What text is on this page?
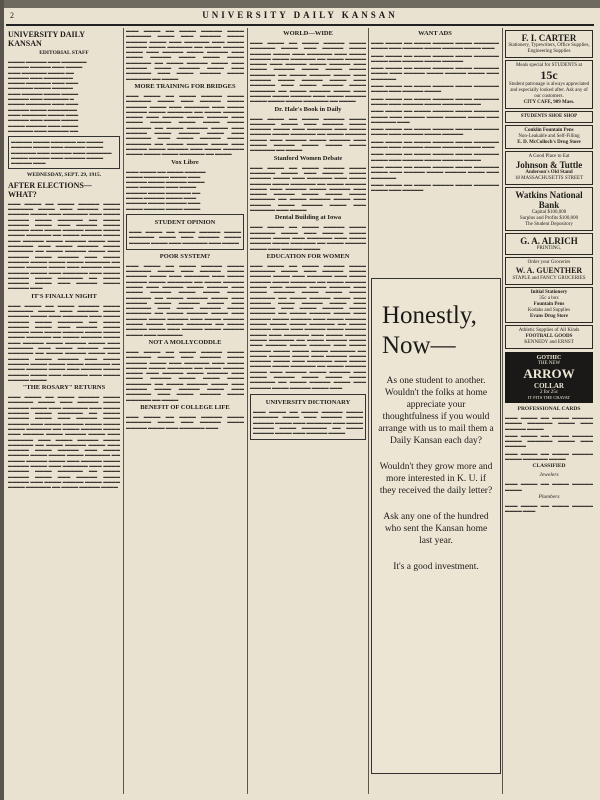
2	UNIVERSITY DAILY KANSAN
UNIVERSITY DAILY KANSAN
EDITORIAL STAFF
▬▬▬▬ ▬▬▬▬▬ ▬▬▬ ▬▬▬▬▬▬
▬▬▬▬▬ ▬▬▬▬▬ ▬▬▬ ▬▬▬▬
▬▬▬ ▬▬▬▬▬▬ ▬▬▬▬ ▬▬
▬▬▬▬▬ ▬▬▬ ▬▬▬▬▬▬▬
▬▬▬▬ ▬▬▬▬▬▬ ▬▬▬ ▬▬▬
▬▬▬▬▬▬ ▬▬▬▬ ▬▬▬▬▬
▬▬▬ ▬▬▬▬▬ ▬▬▬▬ ▬▬▬▬
▬▬▬▬▬ ▬▬▬ ▬▬▬▬▬▬ ▬
▬▬▬▬ ▬▬▬▬▬▬ ▬▬▬ ▬▬▬
▬▬▬▬▬ ▬▬▬▬ ▬▬▬▬▬▬▬
▬▬▬ ▬▬▬▬▬▬ ▬▬▬▬ ▬▬▬
▬▬▬▬▬ ▬▬▬ ▬▬▬▬ ▬▬▬▬
▬▬▬▬ ▬▬▬▬▬ ▬▬▬ ▬▬▬▬
▬▬▬▬▬▬ ▬▬▬ ▬▬▬▬▬ ▬▬
▬▬▬▬▬ ▬▬▬▬ ▬▬▬▬▬▬ ▬▬ ▬▬▬▬ ▬▬▬▬▬ ▬▬▬▬ ▬▬▬ ▬▬▬▬▬ ▬▬▬▬ ▬▬▬▬▬▬ ▬▬▬ ▬▬▬▬▬ ▬▬▬ ▬▬▬▬▬▬ ▬▬▬▬ ▬▬▬▬▬ ▬▬▬ ▬▬▬▬▬ ▬▬▬▬ ▬▬▬▬▬ ▬▬▬
WEDNESDAY, SEPT. 29, 1915.
AFTER ELECTIONS—WHAT?
▬▬▬ ▬▬▬▬ ▬▬ ▬▬▬▬ ▬▬▬▬▬ ▬▬▬▬ ▬▬▬▬▬▬ ▬▬▬▬ ▬▬▬ ▬▬▬▬▬ ▬▬▬▬ ▬▬▬▬▬ ▬▬▬▬ ▬▬▬ ▬▬▬▬▬▬ ▬▬▬ ▬▬▬▬ ▬▬▬▬▬ ▬▬▬▬ ▬▬▬▬▬▬ ▬▬ ▬▬▬▬ ▬▬▬▬▬ ▬▬▬▬ ▬▬▬ ▬▬▬▬▬ ▬▬▬▬ ▬▬▬▬▬ ▬▬▬ ▬▬▬▬ ▬▬▬▬▬ ▬▬▬▬ ▬▬▬▬ ▬▬▬▬ ▬▬▬▬▬▬ ▬▬ ▬▬▬▬ ▬▬▬▬▬ ▬▬▬▬ ▬▬▬ ▬▬▬▬▬ ▬▬▬▬ ▬▬▬▬▬ ▬▬▬▬ ▬▬▬ ▬▬▬▬▬▬ ▬▬▬ ▬▬▬▬ ▬▬▬▬▬ ▬▬▬▬ ▬▬▬▬▬▬ ▬▬ ▬▬▬▬ ▬▬▬▬▬ ▬▬▬▬ ▬▬▬ ▬▬▬▬▬ ▬▬▬▬ ▬▬▬▬▬ ▬▬▬ ▬▬▬▬ ▬▬▬▬▬ ▬▬▬▬ ▬▬▬▬ ▬▬▬▬ ▬▬▬▬▬▬ ▬▬ ▬▬▬▬ ▬▬▬▬▬ ▬▬▬▬ ▬▬▬ ▬▬▬▬▬ ▬▬▬▬ ▬▬▬▬▬ ▬▬▬▬ ▬▬▬ ▬▬▬▬▬▬ ▬▬▬ ▬▬▬▬ ▬▬▬▬▬ ▬▬▬▬ ▬▬▬▬▬▬ ▬▬ ▬▬▬▬ ▬▬▬▬▬ ▬▬▬▬ ▬▬▬ ▬▬▬▬▬ ▬▬▬▬ ▬▬▬▬▬ ▬▬▬
IT'S FINALLY NIGHT
▬▬▬ ▬▬▬▬ ▬▬ ▬▬▬▬ ▬▬▬▬▬ ▬▬▬▬ ▬▬▬▬▬▬ ▬▬▬▬ ▬▬▬ ▬▬▬▬▬ ▬▬▬▬ ▬▬▬▬▬ ▬▬▬▬ ▬▬▬ ▬▬▬▬▬▬ ▬▬▬ ▬▬▬▬ ▬▬▬▬▬ ▬▬▬▬ ▬▬▬▬▬▬ ▬▬ ▬▬▬▬ ▬▬▬▬▬ ▬▬▬▬ ▬▬▬ ▬▬▬▬▬ ▬▬▬▬ ▬▬▬▬▬ ▬▬▬ ▬▬▬▬ ▬▬▬▬▬ ▬▬▬▬ ▬▬▬▬ ▬▬▬▬ ▬▬▬▬▬▬ ▬▬ ▬▬▬▬ ▬▬▬▬▬ ▬▬▬▬ ▬▬▬ ▬▬▬▬▬ ▬▬▬▬ ▬▬▬▬▬ ▬▬▬▬ ▬▬▬ ▬▬▬▬▬▬ ▬▬▬ ▬▬▬▬ ▬▬▬▬▬ ▬▬▬▬ ▬▬▬▬▬▬ ▬▬ ▬▬▬▬ ▬▬▬▬▬ ▬▬▬▬ ▬▬▬ ▬▬▬▬▬ ▬▬▬▬ ▬▬▬▬▬ ▬▬▬ ▬▬▬▬ ▬▬▬▬▬ ▬▬▬▬ ▬▬▬▬ ▬▬▬▬ ▬▬▬▬▬▬ ▬▬ ▬▬▬▬ ▬▬▬▬▬ ▬▬▬▬ ▬▬▬ ▬▬▬▬▬ ▬▬▬▬ ▬▬▬▬▬ ▬▬▬▬ ▬▬▬ ▬▬▬▬▬▬ ▬▬▬ ▬▬▬▬ ▬▬▬▬▬ ▬▬▬▬
"THE ROSARY" RETURNS
▬▬▬ ▬▬▬▬ ▬▬ ▬▬▬▬ ▬▬▬▬▬ ▬▬▬▬ ▬▬▬▬▬▬ ▬▬▬▬ ▬▬▬ ▬▬▬▬▬ ▬▬▬▬ ▬▬▬▬▬ ▬▬▬▬ ▬▬▬ ▬▬▬▬▬▬ ▬▬▬ ▬▬▬▬ ▬▬▬▬▬ ▬▬▬▬ ▬▬▬▬▬▬ ▬▬ ▬▬▬▬ ▬▬▬▬▬ ▬▬▬▬ ▬▬▬ ▬▬▬▬▬ ▬▬▬▬ ▬▬▬▬▬ ▬▬▬ ▬▬▬▬ ▬▬▬▬▬ ▬▬▬▬ ▬▬▬▬ ▬▬▬▬ ▬▬▬▬▬▬ ▬▬ ▬▬▬▬ ▬▬▬▬▬ ▬▬▬▬ ▬▬▬ ▬▬▬▬▬ ▬▬▬▬ ▬▬▬▬▬ ▬▬▬▬ ▬▬▬ ▬▬▬▬▬▬ ▬▬▬ ▬▬▬▬ ▬▬▬▬▬ ▬▬▬▬ ▬▬▬▬▬▬ ▬▬ ▬▬▬▬ ▬▬▬▬▬ ▬▬▬▬ ▬▬▬ ▬▬▬▬▬ ▬▬▬▬ ▬▬▬▬▬ ▬▬▬ ▬▬▬▬ ▬▬▬▬▬ ▬▬▬▬ ▬▬▬▬ ▬▬▬▬ ▬▬▬▬▬▬ ▬▬ ▬▬▬▬ ▬▬▬▬▬ ▬▬▬▬ ▬▬▬ ▬▬▬▬▬ ▬▬▬▬ ▬▬▬▬▬ ▬▬▬▬ ▬▬▬ ▬▬▬▬▬▬ ▬▬▬ ▬▬▬▬ ▬▬▬▬▬ ▬▬▬▬ ▬▬▬▬▬▬ ▬▬ ▬▬▬▬ ▬▬▬▬▬ ▬▬▬▬ ▬▬▬ ▬▬▬▬▬ ▬▬▬▬ ▬▬▬▬▬ ▬▬▬ ▬▬▬▬ ▬▬▬▬▬ ▬▬▬▬ ▬▬▬▬ ▬▬▬▬ ▬▬▬▬▬▬ ▬▬ ▬▬▬▬ ▬▬▬▬▬ ▬▬▬▬
▬▬▬ ▬▬▬▬ ▬▬ ▬▬▬▬ ▬▬▬▬▬ ▬▬▬▬ ▬▬▬▬▬▬ ▬▬▬▬ ▬▬▬ ▬▬▬▬▬ ▬▬▬▬ ▬▬▬▬▬ ▬▬▬▬ ▬▬▬ ▬▬▬▬▬▬ ▬▬▬ ▬▬▬▬ ▬▬▬▬▬ ▬▬▬▬ ▬▬▬▬▬▬ ▬▬ ▬▬▬▬ ▬▬▬▬▬ ▬▬▬▬ ▬▬▬ ▬▬▬▬▬ ▬▬▬▬ ▬▬▬▬▬ ▬▬▬ ▬▬▬▬ ▬▬▬▬▬ ▬▬▬▬ ▬▬▬▬ ▬▬▬▬ ▬▬▬▬▬▬ ▬▬ ▬▬▬▬ ▬▬▬▬▬ ▬▬▬▬ ▬▬▬ ▬▬▬▬▬ ▬▬▬▬ ▬▬▬▬▬ ▬▬▬▬ ▬▬▬ ▬▬▬▬▬▬ ▬▬▬ ▬▬▬▬ ▬▬▬▬▬ ▬▬▬▬ ▬▬▬▬▬▬ ▬▬ ▬▬▬▬
MORE TRAINING FOR BRIDGES
▬▬▬ ▬▬▬▬ ▬▬ ▬▬▬▬ ▬▬▬▬▬ ▬▬▬▬ ▬▬▬▬▬▬ ▬▬▬▬ ▬▬▬ ▬▬▬▬▬ ▬▬▬▬ ▬▬▬▬▬ ▬▬▬▬ ▬▬▬ ▬▬▬▬▬▬ ▬▬▬ ▬▬▬▬ ▬▬▬▬▬ ▬▬▬▬ ▬▬▬▬▬▬ ▬▬ ▬▬▬▬ ▬▬▬▬▬ ▬▬▬▬ ▬▬▬ ▬▬▬▬▬ ▬▬▬▬ ▬▬▬▬▬ ▬▬▬ ▬▬▬▬ ▬▬▬▬▬ ▬▬▬▬ ▬▬▬▬ ▬▬▬▬ ▬▬▬▬▬▬ ▬▬ ▬▬▬▬ ▬▬▬▬▬ ▬▬▬▬ ▬▬▬ ▬▬▬▬▬ ▬▬▬▬ ▬▬▬▬▬ ▬▬▬▬ ▬▬▬ ▬▬▬▬▬▬ ▬▬▬ ▬▬▬▬ ▬▬▬▬▬ ▬▬▬▬ ▬▬▬▬▬▬ ▬▬ ▬▬▬▬ ▬▬▬▬▬ ▬▬▬▬ ▬▬▬ ▬▬▬▬▬ ▬▬▬▬ ▬▬▬▬▬ ▬▬▬ ▬▬▬▬ ▬▬▬▬▬ ▬▬▬▬ ▬▬▬▬ ▬▬▬▬ ▬▬▬▬▬▬ ▬▬ ▬▬▬▬
Vox Libre
▬▬▬ ▬▬▬▬ ▬▬ ▬▬▬▬ ▬▬▬▬▬
▬▬▬▬ ▬▬▬▬▬▬ ▬▬▬▬ ▬▬▬
▬▬▬▬▬ ▬▬▬▬ ▬▬▬▬▬ ▬▬▬▬
▬▬▬ ▬▬▬▬▬▬ ▬▬▬ ▬▬▬▬
▬▬▬▬▬ ▬▬▬▬ ▬▬▬▬▬▬ ▬▬
▬▬▬▬ ▬▬▬▬▬ ▬▬▬▬ ▬▬▬
▬▬▬▬▬ ▬▬▬▬ ▬▬▬▬▬ ▬▬▬
▬▬▬▬ ▬▬▬▬▬ ▬▬▬▬ ▬▬▬▬
STUDENT OPINION
▬▬▬ ▬▬▬▬ ▬▬ ▬▬▬▬ ▬▬▬▬▬ ▬▬▬▬ ▬▬▬▬▬▬ ▬▬▬▬ ▬▬▬ ▬▬▬▬▬ ▬▬▬▬ ▬▬▬▬▬ ▬▬▬▬ ▬▬▬ ▬▬▬▬▬▬ ▬▬▬ ▬▬▬▬
POOR SYSTEM?
▬▬▬ ▬▬▬▬ ▬▬ ▬▬▬▬ ▬▬▬▬▬ ▬▬▬▬ ▬▬▬▬▬▬ ▬▬▬▬ ▬▬▬ ▬▬▬▬▬ ▬▬▬▬ ▬▬▬▬▬ ▬▬▬▬ ▬▬▬ ▬▬▬▬▬▬ ▬▬▬ ▬▬▬▬ ▬▬▬▬▬ ▬▬▬▬ ▬▬▬▬▬▬ ▬▬ ▬▬▬▬ ▬▬▬▬▬ ▬▬▬▬ ▬▬▬ ▬▬▬▬▬ ▬▬▬▬ ▬▬▬▬▬ ▬▬▬ ▬▬▬▬ ▬▬▬▬▬ ▬▬▬▬ ▬▬▬▬ ▬▬▬▬ ▬▬▬▬▬▬ ▬▬ ▬▬▬▬ ▬▬▬▬▬ ▬▬▬▬ ▬▬▬ ▬▬▬▬▬ ▬▬▬▬ ▬▬▬▬▬ ▬▬▬▬ ▬▬▬ ▬▬▬▬▬▬ ▬▬▬ ▬▬▬▬ ▬▬▬▬▬ ▬▬▬▬ ▬▬▬▬▬▬ ▬▬ ▬▬▬▬ ▬▬▬▬▬ ▬▬▬▬ ▬▬▬ ▬▬▬▬▬ ▬▬▬▬ ▬▬▬▬▬ ▬▬▬ ▬▬▬▬ ▬▬▬▬▬ ▬▬▬▬ ▬▬▬▬ ▬▬▬▬ ▬▬▬▬▬▬ ▬▬ ▬▬▬▬ ▬▬▬▬▬ ▬▬▬▬ ▬▬▬ ▬▬▬▬▬ ▬▬▬▬ ▬▬▬▬▬ ▬▬▬▬ ▬▬▬ ▬▬▬▬▬▬
NOT A MOLLYCODDLE
▬▬▬ ▬▬▬▬ ▬▬ ▬▬▬▬ ▬▬▬▬▬ ▬▬▬▬ ▬▬▬▬▬▬ ▬▬▬▬ ▬▬▬ ▬▬▬▬▬ ▬▬▬▬ ▬▬▬▬▬ ▬▬▬▬ ▬▬▬ ▬▬▬▬▬▬ ▬▬▬ ▬▬▬▬ ▬▬▬▬▬ ▬▬▬▬ ▬▬▬▬▬▬ ▬▬ ▬▬▬▬ ▬▬▬▬▬ ▬▬▬▬ ▬▬▬ ▬▬▬▬▬ ▬▬▬▬ ▬▬▬▬▬ ▬▬▬ ▬▬▬▬ ▬▬▬▬▬ ▬▬▬▬ ▬▬▬▬ ▬▬▬▬ ▬▬▬▬▬▬ ▬▬ ▬▬▬▬ ▬▬▬▬▬ ▬▬▬▬ ▬▬▬ ▬▬▬▬▬ ▬▬▬▬ ▬▬▬▬▬ ▬▬▬▬ ▬▬▬ ▬▬▬▬▬▬ ▬▬▬ ▬▬▬▬ ▬▬▬▬▬ ▬▬▬▬ ▬▬▬▬▬▬ ▬▬ ▬▬▬▬
BENEFIT OF COLLEGE LIFE
▬▬▬ ▬▬▬▬ ▬▬ ▬▬▬▬ ▬▬▬▬▬ ▬▬▬▬ ▬▬▬▬▬▬ ▬▬▬▬ ▬▬▬ ▬▬▬▬▬ ▬▬▬▬ ▬▬▬▬▬ ▬▬▬▬ ▬▬▬ ▬▬▬▬▬▬ ▬▬▬
WORLD—WIDE
▬▬▬ ▬▬▬▬ ▬▬ ▬▬▬▬ ▬▬▬▬▬ ▬▬▬▬ ▬▬▬▬▬▬ ▬▬▬▬ ▬▬▬ ▬▬▬▬▬ ▬▬▬▬ ▬▬▬▬▬ ▬▬▬▬ ▬▬▬ ▬▬▬▬▬▬ ▬▬▬ ▬▬▬▬ ▬▬▬▬▬ ▬▬▬▬ ▬▬▬▬▬▬ ▬▬ ▬▬▬▬ ▬▬▬▬▬ ▬▬▬▬ ▬▬▬ ▬▬▬▬▬ ▬▬▬▬ ▬▬▬▬▬ ▬▬▬ ▬▬▬▬ ▬▬▬▬▬ ▬▬▬▬ ▬▬▬▬ ▬▬▬▬ ▬▬▬▬▬▬ ▬▬ ▬▬▬▬ ▬▬▬▬▬ ▬▬▬▬ ▬▬▬ ▬▬▬▬▬ ▬▬▬▬ ▬▬▬▬▬ ▬▬▬▬ ▬▬▬ ▬▬▬▬▬▬ ▬▬▬ ▬▬▬▬ ▬▬▬▬▬ ▬▬▬▬ ▬▬▬▬▬▬ ▬▬ ▬▬▬▬ ▬▬▬▬▬ ▬▬▬▬ ▬▬▬ ▬▬▬▬▬ ▬▬▬▬ ▬▬▬▬▬ ▬▬▬ ▬▬▬▬ ▬▬▬▬▬ ▬▬▬▬ ▬▬▬▬ ▬▬▬▬ ▬▬▬▬▬▬ ▬▬ ▬▬▬▬
Dr. Hale's Book in Daily
▬▬▬ ▬▬▬▬ ▬▬ ▬▬▬▬ ▬▬▬▬▬ ▬▬▬▬ ▬▬▬▬▬▬ ▬▬▬▬ ▬▬▬ ▬▬▬▬▬ ▬▬▬▬ ▬▬▬▬▬ ▬▬▬▬ ▬▬▬ ▬▬▬▬▬▬ ▬▬▬ ▬▬▬▬ ▬▬▬▬▬ ▬▬▬▬ ▬▬▬▬▬▬ ▬▬ ▬▬▬▬ ▬▬▬▬▬ ▬▬▬▬ ▬▬▬ ▬▬▬▬▬ ▬▬▬▬ ▬▬▬▬▬ ▬▬▬ ▬▬▬▬ ▬▬▬▬▬ ▬▬▬▬ ▬▬▬▬ ▬▬▬▬ ▬▬▬▬▬▬ ▬▬ ▬▬▬▬
Stanford Women Debate
▬▬▬ ▬▬▬▬ ▬▬ ▬▬▬▬ ▬▬▬▬▬ ▬▬▬▬ ▬▬▬▬▬▬ ▬▬▬▬ ▬▬▬ ▬▬▬▬▬ ▬▬▬▬ ▬▬▬▬▬ ▬▬▬▬ ▬▬▬ ▬▬▬▬▬▬ ▬▬▬ ▬▬▬▬ ▬▬▬▬▬ ▬▬▬▬ ▬▬▬▬▬▬ ▬▬ ▬▬▬▬ ▬▬▬▬▬ ▬▬▬▬ ▬▬▬ ▬▬▬▬▬ ▬▬▬▬ ▬▬▬▬▬ ▬▬▬ ▬▬▬▬ ▬▬▬▬▬ ▬▬▬▬ ▬▬▬▬ ▬▬▬▬ ▬▬▬▬▬▬ ▬▬ ▬▬▬▬ ▬▬▬▬▬ ▬▬▬▬ ▬▬▬ ▬▬▬▬▬ ▬▬▬▬ ▬▬▬▬▬ ▬▬▬▬ ▬▬▬ ▬▬▬▬▬▬ ▬▬▬ ▬▬▬▬
Dental Building at Iowa
▬▬▬ ▬▬▬▬ ▬▬ ▬▬▬▬ ▬▬▬▬▬ ▬▬▬▬ ▬▬▬▬▬▬ ▬▬▬▬ ▬▬▬ ▬▬▬▬▬ ▬▬▬▬ ▬▬▬▬▬ ▬▬▬▬ ▬▬▬ ▬▬▬▬▬▬ ▬▬▬ ▬▬▬▬ ▬▬▬▬▬ ▬▬▬▬ ▬▬▬▬▬▬ ▬▬ ▬▬▬▬ ▬▬▬▬▬ ▬▬▬▬ ▬▬▬ ▬▬▬▬▬ ▬▬▬▬
EDUCATION FOR WOMEN
▬▬▬ ▬▬▬▬ ▬▬ ▬▬▬▬ ▬▬▬▬▬ ▬▬▬▬ ▬▬▬▬▬▬ ▬▬▬▬ ▬▬▬ ▬▬▬▬▬ ▬▬▬▬ ▬▬▬▬▬ ▬▬▬▬ ▬▬▬ ▬▬▬▬▬▬ ▬▬▬ ▬▬▬▬ ▬▬▬▬▬ ▬▬▬▬ ▬▬▬▬▬▬ ▬▬ ▬▬▬▬ ▬▬▬▬▬ ▬▬▬▬ ▬▬▬ ▬▬▬▬▬ ▬▬▬▬ ▬▬▬▬▬ ▬▬▬ ▬▬▬▬ ▬▬▬▬▬ ▬▬▬▬ ▬▬▬▬ ▬▬▬▬ ▬▬▬▬▬▬ ▬▬ ▬▬▬▬ ▬▬▬▬▬ ▬▬▬▬ ▬▬▬ ▬▬▬▬▬ ▬▬▬▬ ▬▬▬▬▬ ▬▬▬▬ ▬▬▬ ▬▬▬▬▬▬ ▬▬▬ ▬▬▬▬ ▬▬▬▬▬ ▬▬▬▬ ▬▬▬▬▬▬ ▬▬ ▬▬▬▬ ▬▬▬▬▬ ▬▬▬▬ ▬▬▬ ▬▬▬▬▬ ▬▬▬▬ ▬▬▬▬▬ ▬▬▬ ▬▬▬▬ ▬▬▬▬▬ ▬▬▬▬ ▬▬▬▬ ▬▬▬▬ ▬▬▬▬▬▬ ▬▬ ▬▬▬▬ ▬▬▬▬▬ ▬▬▬▬ ▬▬▬ ▬▬▬▬▬ ▬▬▬▬ ▬▬▬▬▬ ▬▬▬▬ ▬▬▬ ▬▬▬▬▬▬ ▬▬▬ ▬▬▬▬ ▬▬▬▬▬ ▬▬▬▬ ▬▬▬▬▬▬ ▬▬ ▬▬▬▬ ▬▬▬▬▬ ▬▬▬▬ ▬▬▬ ▬▬▬▬▬ ▬▬▬▬ ▬▬▬▬▬ ▬▬▬ ▬▬▬▬ ▬▬▬▬▬ ▬▬▬▬ ▬▬▬▬ ▬▬▬▬ ▬▬▬▬▬▬ ▬▬ ▬▬▬▬ ▬▬▬▬▬ ▬▬▬▬ ▬▬▬ ▬▬▬▬▬ ▬▬▬▬ ▬▬▬▬▬ ▬▬▬▬ ▬▬▬ ▬▬▬▬▬▬ ▬▬▬ ▬▬▬▬ ▬▬▬▬▬ ▬▬▬▬ ▬▬▬▬▬▬ ▬▬ ▬▬▬▬ ▬▬▬▬▬ ▬▬▬▬ ▬▬▬ ▬▬▬▬▬ ▬▬▬▬ ▬▬▬▬▬ ▬▬▬ ▬▬▬▬ ▬▬▬▬▬ ▬▬▬▬ ▬▬▬▬ ▬▬▬▬ ▬▬▬▬▬▬ ▬▬ ▬▬▬▬ ▬▬▬▬▬ ▬▬▬▬ ▬▬▬ ▬▬▬▬▬ ▬▬▬▬ ▬▬▬▬▬ ▬▬▬▬ ▬▬▬
UNIVERSITY DICTIONARY
▬▬▬ ▬▬▬▬ ▬▬ ▬▬▬▬ ▬▬▬▬▬ ▬▬▬▬ ▬▬▬▬▬▬ ▬▬▬▬ ▬▬▬ ▬▬▬▬▬ ▬▬▬▬ ▬▬▬▬▬ ▬▬▬▬ ▬▬▬ ▬▬▬▬▬▬ ▬▬▬ ▬▬▬▬ ▬▬▬▬▬ ▬▬▬▬ ▬▬▬▬▬▬ ▬▬ ▬▬▬▬ ▬▬▬▬▬ ▬▬▬▬ ▬▬▬ ▬▬▬▬▬ ▬▬▬▬
WANT ADS
▬▬▬ ▬▬▬▬ ▬▬ ▬▬▬▬ ▬▬▬▬▬ ▬▬▬▬ ▬▬▬▬▬▬ ▬▬▬▬ ▬▬▬ ▬▬▬▬▬ ▬▬▬▬ ▬▬▬▬▬ ▬▬▬▬ ▬▬▬
▬▬▬ ▬▬▬▬ ▬▬ ▬▬▬▬ ▬▬▬▬▬ ▬▬▬▬ ▬▬▬▬▬▬ ▬▬▬▬ ▬▬▬ ▬▬▬▬▬ ▬▬▬▬ ▬▬▬▬▬
▬▬▬ ▬▬▬▬ ▬▬ ▬▬▬▬ ▬▬▬▬▬ ▬▬▬▬ ▬▬▬▬▬▬ ▬▬▬▬ ▬▬▬ ▬▬▬▬▬ ▬▬▬▬ ▬▬▬▬▬ ▬▬▬▬ ▬▬▬ ▬▬▬▬▬▬
▬▬▬ ▬▬▬▬ ▬▬ ▬▬▬▬ ▬▬▬▬▬ ▬▬▬▬ ▬▬▬▬▬▬ ▬▬▬▬ ▬▬▬ ▬▬▬▬▬ ▬▬▬▬
▬▬▬ ▬▬▬▬ ▬▬ ▬▬▬▬ ▬▬▬▬▬ ▬▬▬▬ ▬▬▬▬▬▬ ▬▬▬▬ ▬▬▬ ▬▬▬▬▬ ▬▬▬▬ ▬▬▬▬▬ ▬▬▬▬
▬▬▬ ▬▬▬▬ ▬▬ ▬▬▬▬ ▬▬▬▬▬ ▬▬▬▬ ▬▬▬▬▬▬ ▬▬▬▬ ▬▬▬ ▬▬▬▬▬ ▬▬▬▬ ▬▬▬▬▬ ▬▬▬▬ ▬▬▬ ▬▬▬▬▬▬ ▬▬▬
▬▬▬ ▬▬▬▬ ▬▬ ▬▬▬▬ ▬▬▬▬▬ ▬▬▬▬ ▬▬▬▬▬▬ ▬▬▬▬ ▬▬▬ ▬▬▬▬▬ ▬▬▬▬ ▬▬▬▬▬
▬▬▬ ▬▬▬▬ ▬▬ ▬▬▬▬ ▬▬▬▬▬ ▬▬▬▬ ▬▬▬▬▬▬ ▬▬▬▬ ▬▬▬ ▬▬▬▬▬ ▬▬▬▬ ▬▬▬▬▬ ▬▬▬▬ ▬▬▬
▬▬▬ ▬▬▬▬ ▬▬ ▬▬▬▬ ▬▬▬▬▬ ▬▬▬▬ ▬▬▬▬▬▬ ▬▬▬▬ ▬▬▬ ▬▬▬▬▬ ▬▬▬▬ ▬▬▬▬▬ ▬▬▬▬
▬▬▬ ▬▬▬▬ ▬▬ ▬▬▬▬ ▬▬▬▬▬ ▬▬▬▬ ▬▬▬▬▬▬ ▬▬▬▬ ▬▬▬ ▬▬▬▬▬ ▬▬▬▬ ▬▬▬▬▬ ▬▬▬▬ ▬▬▬ ▬▬▬▬▬▬
▬▬▬ ▬▬▬▬ ▬▬ ▬▬▬▬ ▬▬▬▬▬ ▬▬▬▬ ▬▬▬▬▬▬ ▬▬▬▬ ▬▬▬ ▬▬▬▬▬
Honestly, Now—
As one student to another. Wouldn't the folks at home appreciate your thoughtfulness if you would arrange with us to mail them a Daily Kansan each day?
Wouldn't they grow more and more interested in K. U. if they received the daily letter?
Ask any one of the hundred who sent the Kansan home last year.
It's a good investment.
F. I. CARTER
Stationery, Typewriters, Office Supplies, Engineering Supplies
Meals special for STUDENTS at
15c
Student patronage is always appreciated and especially looked after. Ask any of our customers.
CITY CAFE, 909 Mass.
STUDENTS SHOE SHOP
Conklin Fountain Pens
Non-Leakable and Self-Filling
E. D. McColloch's Drug Store
A Good Place to Eat
Johnson & Tuttle
Anderson's Old Stand
18 MASSACHUSETTS STREET
Watkins National Bank
Capital $100,000
Surplus and Profits $100,000
The Student Depository
G. A. ALRICH
PRINTING.
Order your Groceries
W. A. GUENTHER
STAPLE and FANCY GROCERIES
Initial Stationery
35c a box
Fountain Pens
Kodaks and Supplies
Evans Drug Store
Athletic Supplies of All Kinds
FOOTBALL GOODS
KENNEDY and ERNST
GOTHIC
THE NEW
ARROW
COLLAR
2 for 25c
IT FITS THE CRAVAT
PROFESSIONAL CARDS
▬▬▬ ▬▬▬▬ ▬▬ ▬▬▬▬ ▬▬▬▬▬ ▬▬▬▬ ▬▬▬▬▬▬ ▬▬▬▬ ▬▬▬ ▬▬▬▬▬ ▬▬▬▬
▬▬▬ ▬▬▬▬ ▬▬ ▬▬▬▬ ▬▬▬▬▬ ▬▬▬▬ ▬▬▬▬▬▬ ▬▬▬▬ ▬▬▬ ▬▬▬▬▬
▬▬▬ ▬▬▬▬ ▬▬ ▬▬▬▬ ▬▬▬▬▬ ▬▬▬▬ ▬▬▬▬▬▬ ▬▬▬▬
CLASSIFIED
Jewelers
▬▬▬ ▬▬▬▬ ▬▬ ▬▬▬▬ ▬▬▬▬▬ ▬▬▬▬
Plumbers
▬▬▬ ▬▬▬▬ ▬▬ ▬▬▬▬ ▬▬▬▬▬ ▬▬▬▬ ▬▬▬
